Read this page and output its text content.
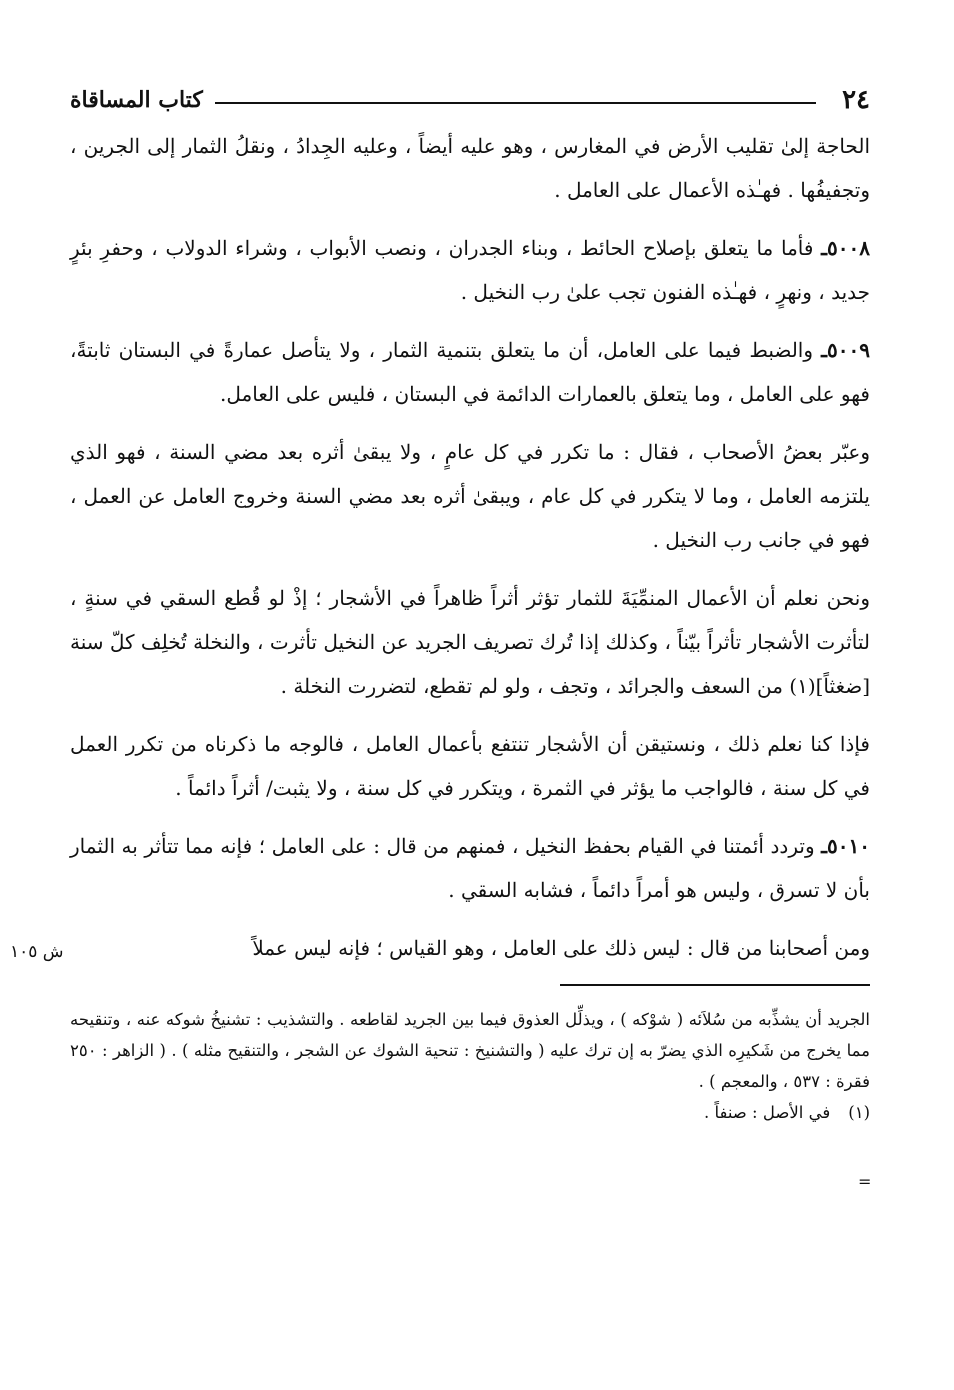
٢٤
كتاب المساقاة

الحاجة إلىٰ تقليب الأرض في المغارس ، وهو عليه أيضاً ، وعليه الجِدادُ ، ونقلُ الثمار إلى الجرين ، وتجفيفُها . فهـٰذه الأعمال على العامل .

٥٠٠٨ـ فأما ما يتعلق بإصلاح الحائط ، وبناء الجدران ، ونصب الأبواب ، وشراء الدولاب ، وحفرِ بئرٍ جديد ، ونهرٍ ، فهـٰذه الفنون تجب علىٰ رب النخيل .

٥٠٠٩ـ والضبط فيما على العامل، أن ما يتعلق بتنمية الثمار ، ولا يتأصل عمارةً في البستان ثابتةً، فهو على العامل ، وما يتعلق بالعمارات الدائمة في البستان ، فليس على العامل.

وعبّر بعضُ الأصحاب ، فقال : ما تكرر في كل عامٍ ، ولا يبقىٰ أثره بعد مضي السنة ، فهو الذي يلتزمه العامل ، وما لا يتكرر في كل عام ، ويبقىٰ أثره بعد مضي السنة وخروج العامل عن العمل ، فهو في جانب رب النخيل .

ونحن نعلم أن الأعمال المنمِّيَةَ للثمار تؤثر أثراً ظاهراً في الأشجار ؛ إذْ لو قُطع السقي في سنةٍ ، لتأثرت الأشجار تأثراً بيّناً ، وكذلك إذا تُرك تصريف الجريد عن النخيل تأثرت ، والنخلة تُخلِف كلّ سنة [ضغثاً](١) من السعف والجرائد ، وتجف ، ولو لم تقطع، لتضررت النخلة .

فإذا كنا نعلم ذلك ، ونستيقن أن الأشجار تنتفع بأعمال العامل ، فالوجه ما ذكرناه من تكرر العمل في كل سنة ، فالواجب ما يؤثر في الثمرة ، ويتكرر في كل سنة ، ولا يثبت/ أثراً دائماً .

٥٠١٠ـ وتردد أئمتنا في القيام بحفظ النخيل ، فمنهم من قال : على العامل ؛ فإنه مما تتأثر به الثمار بأن لا تسرق ، وليس هو أمراً دائماً ، فشابه السقي .

ومن أصحابنا من قال : ليس ذلك على العامل ، وهو القياس ؛ فإنه ليس عملاً

الجريد أن يشذِّبه من سُلاَئه ( شوْكه ) ، ويذلِّل العذوق فيما بين الجريد لقاطعه . والتشذيب : تشنيخُ شوكه عنه ، وتنقيحه مما يخرج من شَكيرِه الذي يضرّ به إن ترك عليه ( والتشنيخ : تنحية الشوك عن الشجر ، والتنقيح مثله ) . ( الزاهر : ٢٥٠ فقرة : ٥٣٧ ، والمعجم ) .

(١)في الأصل : صنفاً .

ش ١٠٥
=
